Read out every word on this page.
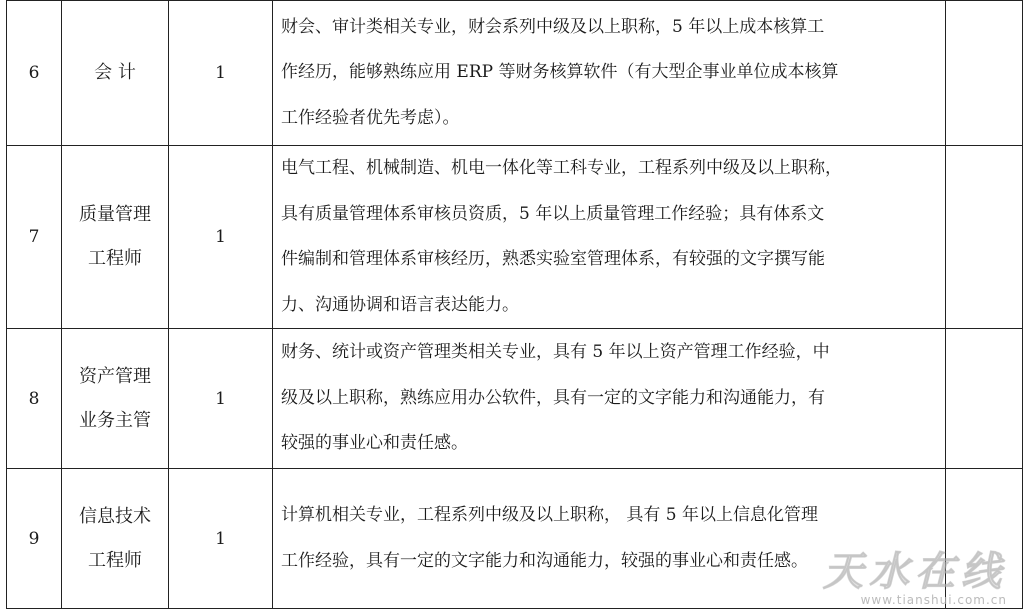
6	会 计	1	财会、审计类相关专业，财会系列中级及以上职称，5 年以上成本核算工
作经历，能够熟练应用 ERP 等财务核算软件（有大型企事业单位成本核算
工作经验者优先考虑）。	

7	质量管理
工程师	1	电气工程、机械制造、机电一体化等工科专业，工程系列中级及以上职称，
具有质量管理体系审核员资质，5 年以上质量管理工作经验；具有体系文
件编制和管理体系审核经历，熟悉实验室管理体系，有较强的文字撰写能
力、沟通协调和语言表达能力。	

8	资产管理
业务主管	1	财务、统计或资产管理类相关专业，具有 5 年以上资产管理工作经验，中
级及以上职称，熟练应用办公软件，具有一定的文字能力和沟通能力，有
较强的事业心和责任感。	

9	信息技术
工程师	1	计算机相关专业，工程系列中级及以上职称， 具有 5 年以上信息化管理
工作经验，具有一定的文字能力和沟通能力，较强的事业心和责任感。	
	天水在线
www.tianshui.com.cn
